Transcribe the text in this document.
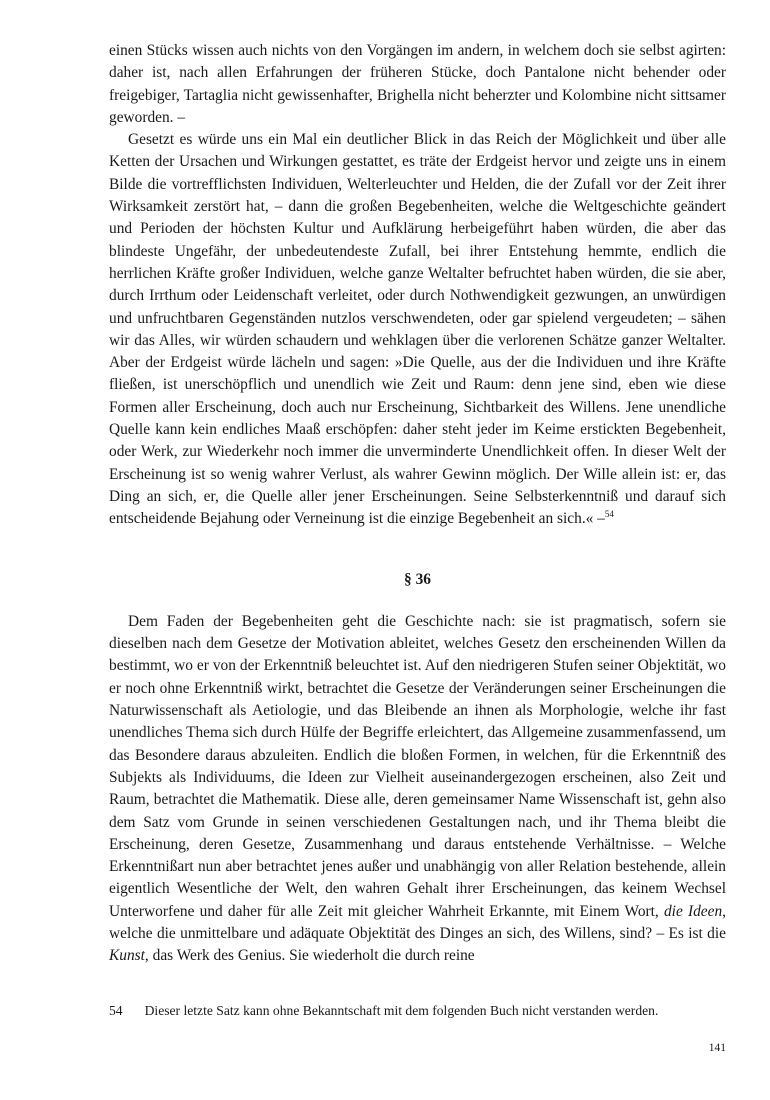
einen Stücks wissen auch nichts von den Vorgängen im andern, in welchem doch sie selbst agirten: daher ist, nach allen Erfahrungen der früheren Stücke, doch Pantalone nicht behender oder freigebiger, Tartaglia nicht gewissenhafter, Brighella nicht beherzter und Kolombine nicht sittsamer geworden. –

Gesetzt es würde uns ein Mal ein deutlicher Blick in das Reich der Möglichkeit und über alle Ketten der Ursachen und Wirkungen gestattet, es träte der Erdgeist hervor und zeigte uns in einem Bilde die vortrefflichsten Individuen, Welterleuchter und Helden, die der Zufall vor der Zeit ihrer Wirksamkeit zerstört hat, – dann die großen Begebenheiten, welche die Weltgeschichte geändert und Perioden der höchsten Kultur und Aufklärung herbeigeführt haben würden, die aber das blindeste Ungefähr, der unbedeutendeste Zufall, bei ihrer Entstehung hemmte, endlich die herrlichen Kräfte großer Individuen, welche ganze Weltalter befruchtet haben würden, die sie aber, durch Irrthum oder Leidenschaft verleitet, oder durch Nothwendigkeit gezwungen, an unwürdigen und unfruchtbaren Gegenständen nutzlos verschwendeten, oder gar spielend vergeudeten; – sähen wir das Alles, wir würden schaudern und wehklagen über die verlorenen Schätze ganzer Weltalter. Aber der Erdgeist würde lächeln und sagen: »Die Quelle, aus der die Individuen und ihre Kräfte fließen, ist unerschöpflich und unendlich wie Zeit und Raum: denn jene sind, eben wie diese Formen aller Erscheinung, doch auch nur Erscheinung, Sichtbarkeit des Willens. Jene unendliche Quelle kann kein endliches Maaß erschöpfen: daher steht jeder im Keime erstickten Begebenheit, oder Werk, zur Wiederkehr noch immer die unverminderte Unendlichkeit offen. In dieser Welt der Erscheinung ist so wenig wahrer Verlust, als wahrer Gewinn möglich. Der Wille allein ist: er, das Ding an sich, er, die Quelle aller jener Erscheinungen. Seine Selbsterkenntniß und darauf sich entscheidende Bejahung oder Verneinung ist die einzige Begebenheit an sich.« –$^{54}$

§ 36

Dem Faden der Begebenheiten geht die Geschichte nach: sie ist pragmatisch, sofern sie dieselben nach dem Gesetze der Motivation ableitet, welches Gesetz den erscheinenden Willen da bestimmt, wo er von der Erkenntniß beleuchtet ist. Auf den niedrigeren Stufen seiner Objektität, wo er noch ohne Erkenntniß wirkt, betrachtet die Gesetze der Veränderungen seiner Erscheinungen die Naturwissenschaft als Aetiologie, und das Bleibende an ihnen als Morphologie, welche ihr fast unendliches Thema sich durch Hülfe der Begriffe erleichtert, das Allgemeine zusammenfassend, um das Besondere daraus abzuleiten. Endlich die bloßen Formen, in welchen, für die Erkenntniß des Subjekts als Individuums, die Ideen zur Vielheit auseinandergezogen erscheinen, also Zeit und Raum, betrachtet die Mathematik. Diese alle, deren gemeinsamer Name Wissenschaft ist, gehn also dem Satz vom Grunde in seinen verschiedenen Gestaltungen nach, und ihr Thema bleibt die Erscheinung, deren Gesetze, Zusammenhang und daraus entstehende Verhältnisse. – Welche Erkenntnißart nun aber betrachtet jenes außer und unabhängig von aller Relation bestehende, allein eigentlich Wesentliche der Welt, den wahren Gehalt ihrer Erscheinungen, das keinem Wechsel Unterworfene und daher für alle Zeit mit gleicher Wahrheit Erkannte, mit Einem Wort, die Ideen, welche die unmittelbare und adäquate Objektität des Dinges an sich, des Willens, sind? – Es ist die Kunst, das Werk des Genius. Sie wiederholt die durch reine

54 Dieser letzte Satz kann ohne Bekanntschaft mit dem folgenden Buch nicht verstanden werden.
141
